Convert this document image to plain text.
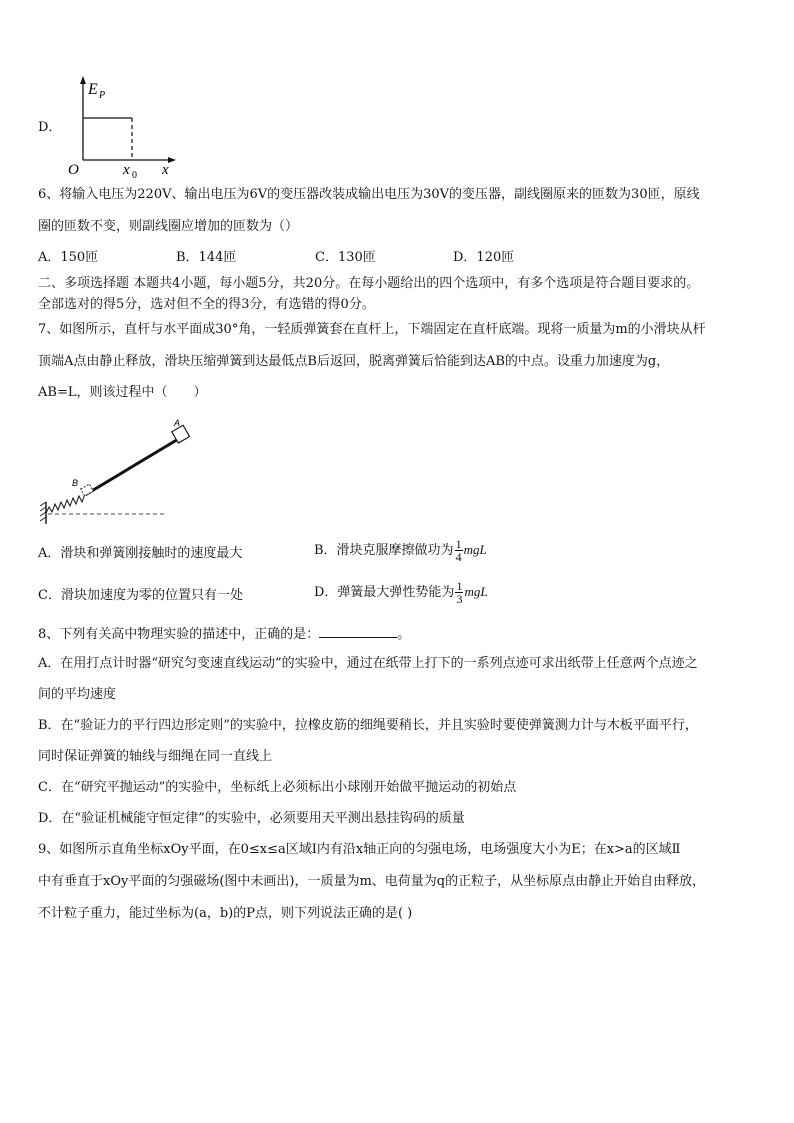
D．
E P
O	x 0 x
6、将输入电压为220V、输出电压为6V的变压器改装成输出电压为30V的变压器，副线圈原来的匝数为30匝，原线
圈的匝数不变，则副线圈应增加的匝数为（）
A．150匝	B．144匝	C．130匝	D．120匝
二、多项选择题 本题共4小题，每小题5分，共20分。在每小题给出的四个选项中，有多个选项是符合题目要求的。
全部选对的得5分，选对但不全的得3分，有选错的得0分。
7、如图所示，直杆与水平面成30°角，一轻质弹簧套在直杆上，下端固定在直杆底端。现将一质量为m的小滑块从杆
顶端A点由静止释放，滑块压缩弹簧到达最低点B后返回，脱离弹簧后恰能到达AB的中点。设重力加速度为g，
AB=L，则该过程中（　　）
A
B
A．滑块和弹簧刚接触时的速度最大	B．滑块克服摩擦做功为 $\frac{1}{4}$ mgL
C．滑块加速度为零的位置只有一处	D．弹簧最大弹性势能为 $\frac{1}{3}$ mgL
8、下列有关高中物理实验的描述中，正确的是：	。
A．在用打点计时器“研究匀变速直线运动”的实验中，通过在纸带上打下的一系列点迹可求出纸带上任意两个点迹之
间的平均速度
B．在“验证力的平行四边形定则”的实验中，拉橡皮筋的细绳要稍长，并且实验时要使弹簧测力计与木板平面平行，
同时保证弹簧的轴线与细绳在同一直线上
C．在“研究平抛运动”的实验中，坐标纸上必须标出小球刚开始做平抛运动的初始点
D．在“验证机械能守恒定律”的实验中，必须要用天平测出悬挂钩码的质量
9、如图所示直角坐标xOy平面，在0≤x≤a区域Ⅰ内有沿x轴正向的匀强电场，电场强度大小为E；在x>a的区域Ⅱ
中有垂直于xOy平面的匀强磁场(图中未画出)，一质量为m、电荷量为q的正粒子，从坐标原点由静止开始自由释放，
不计粒子重力，能过坐标为(a，b)的P点，则下列说法正确的是( )
